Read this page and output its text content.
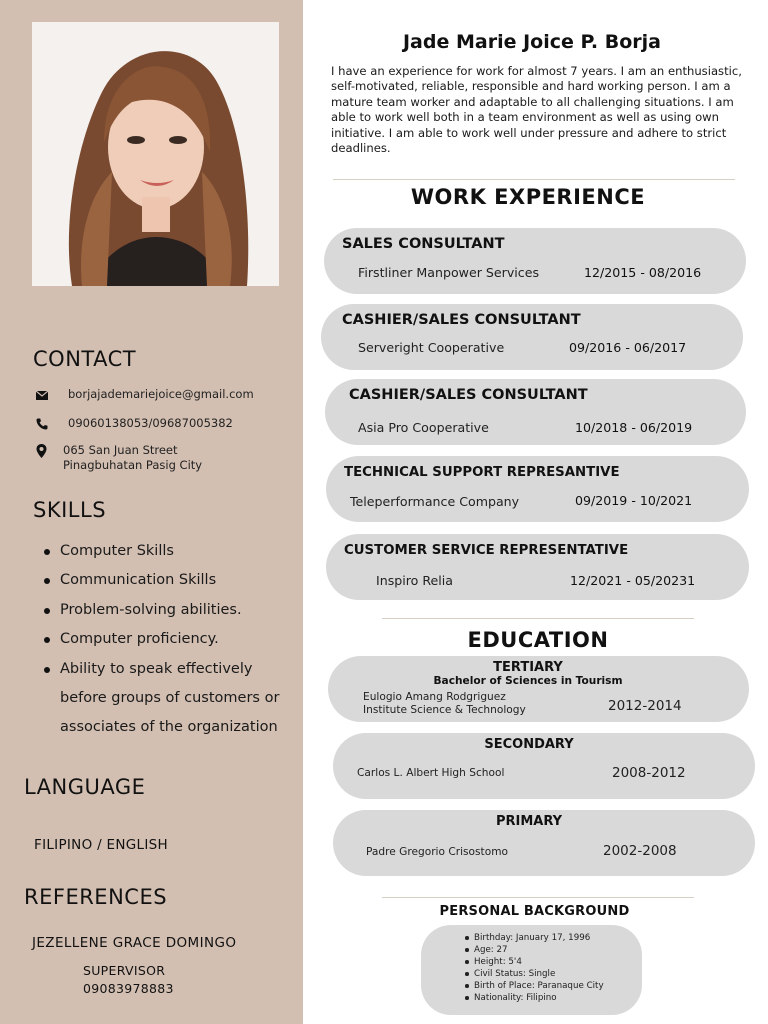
CONTACT
borjajademariejoice@gmail.com
09060138053/09687005382
065 San Juan Street
Pinagbuhatan Pasig City
SKILLS
Computer Skills
Communication Skills
Problem-solving abilities.
Computer proficiency.
Ability to speak effectively before groups of customers or associates of the organization
LANGUAGE
FILIPINO / ENGLISH
REFERENCES
JEZELLENE GRACE DOMINGO
SUPERVISOR
09083978883
Jade Marie Joice P. Borja

I have an experience for work for almost 7 years. I am an enthusiastic, self-motivated, reliable, responsible and hard working person. I am a mature team worker and adaptable to all challenging situations. I am able to work well both in a team environment as well as using own initiative. I am able to work well under pressure and adhere to strict deadlines.

WORK EXPERIENCE
SALES CONSULTANT
Firstliner Manpower Services	12/2015 - 08/2016
CASHIER/SALES CONSULTANT
Serveright Cooperative	09/2016 - 06/2017
CASHIER/SALES CONSULTANT
Asia Pro Cooperative	10/2018 - 06/2019
TECHNICAL SUPPORT REPRESANTIVE
Teleperformance Company	09/2019 - 10/2021
CUSTOMER SERVICE REPRESENTATIVE
Inspiro Relia	12/2021 - 05/20231
EDUCATION
TERTIARY
Bachelor of Sciences in Tourism
Eulogio Amang Rodgriguez
Institute Science & Technology	2012-2014
SECONDARY
Carlos L. Albert High School	2008-2012
PRIMARY
Padre Gregorio Crisostomo	2002-2008
PERSONAL BACKGROUND
Birthday: January 17, 1996
Age: 27
Height: 5'4
Civil Status: Single
Birth of Place: Paranaque City
Nationality: Filipino
